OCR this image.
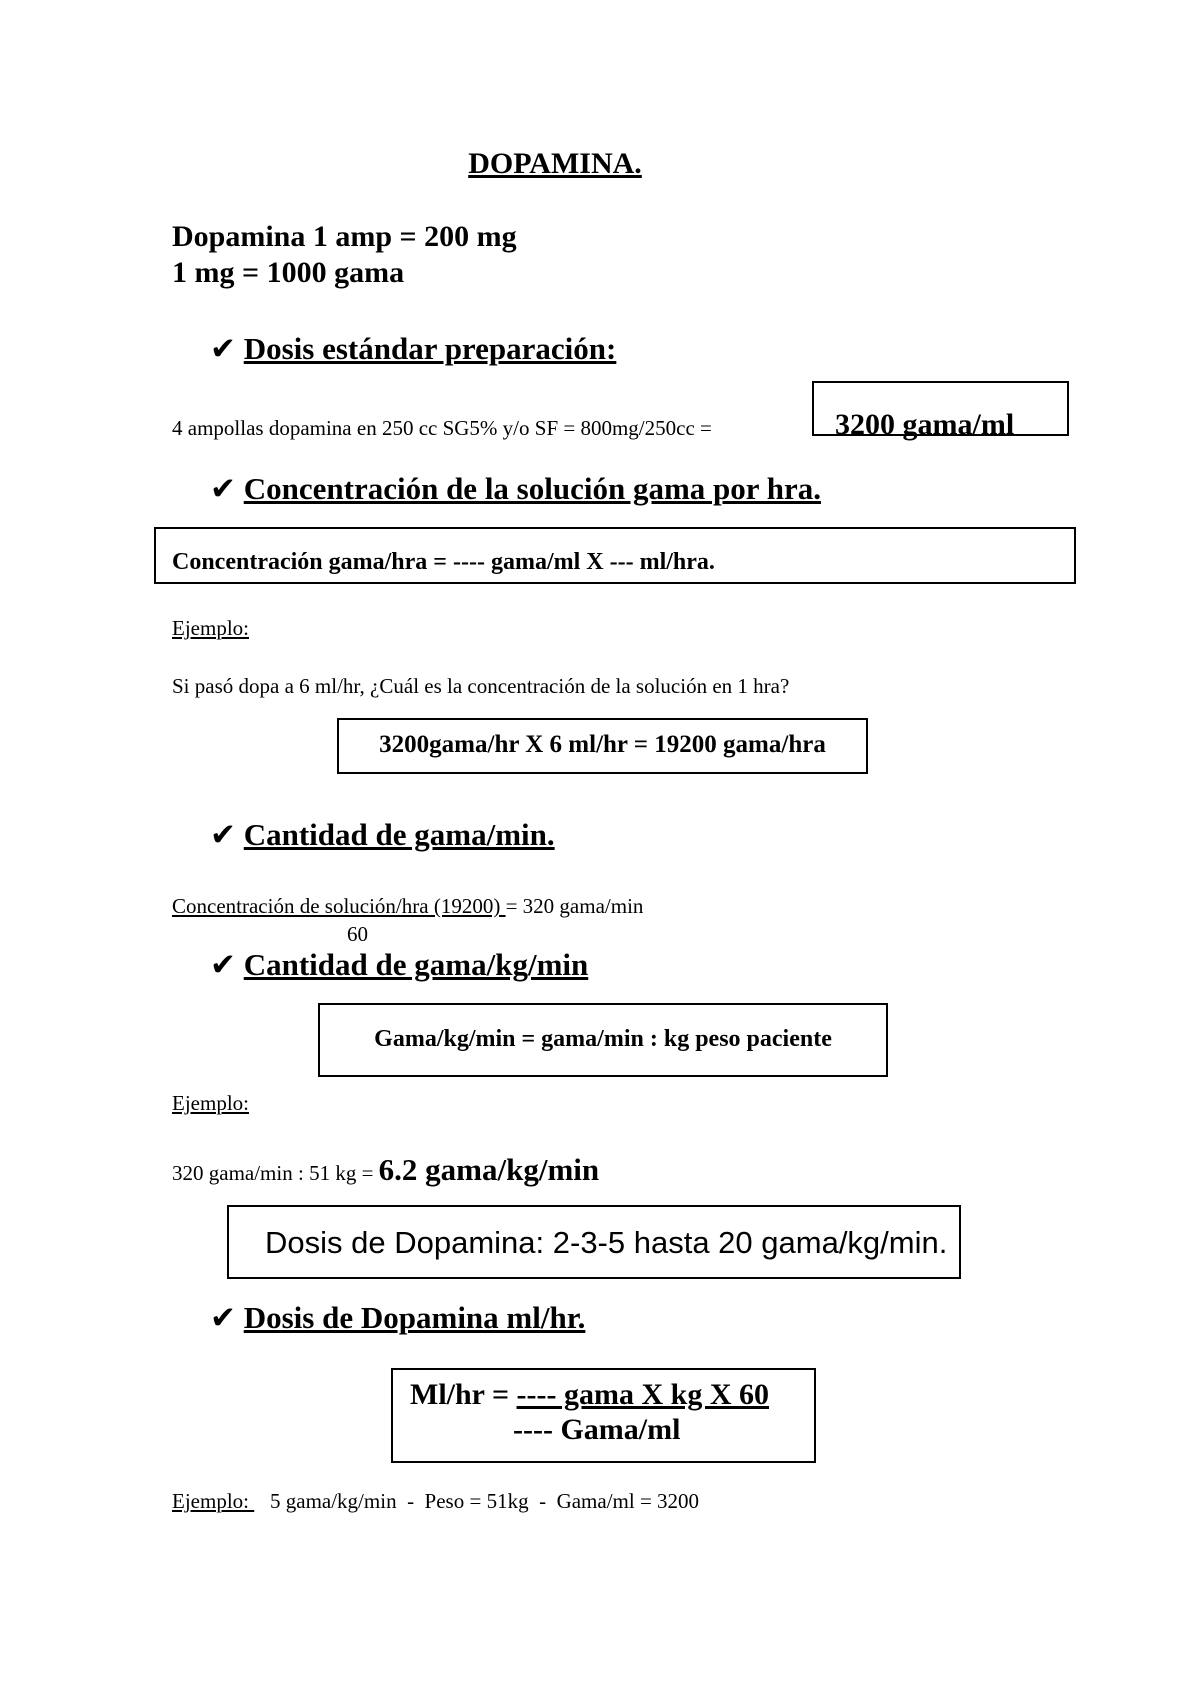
DOPAMINA.
Dopamina 1 amp = 200 mg
1 mg = 1000 gama
✔ Dosis estándar preparación:
4 ampollas dopamina en 250 cc SG5% y/o SF = 800mg/250cc =	3200 gama/ml
✔ Concentración de la solución gama por hra.
Concentración gama/hra = ---- gama/ml X --- ml/hra.
Ejemplo:
Si pasó dopa a 6 ml/hr, ¿Cuál es la concentración de la solución en 1 hra?
3200gama/hr X 6 ml/hr = 19200 gama/hra
✔ Cantidad de gama/min.
Concentración de solución/hra (19200) = 320 gama/min
60
✔ Cantidad de gama/kg/min
Gama/kg/min = gama/min : kg peso paciente
Ejemplo:
320 gama/min : 51 kg = 6.2 gama/kg/min
Dosis de Dopamina: 2-3-5 hasta 20 gama/kg/min.
✔ Dosis de Dopamina ml/hr.
Ml/hr = ---- gama X kg X 60
---- Gama/ml
Ejemplo:    5 gama/kg/min  -  Peso = 51kg  -  Gama/ml = 3200
